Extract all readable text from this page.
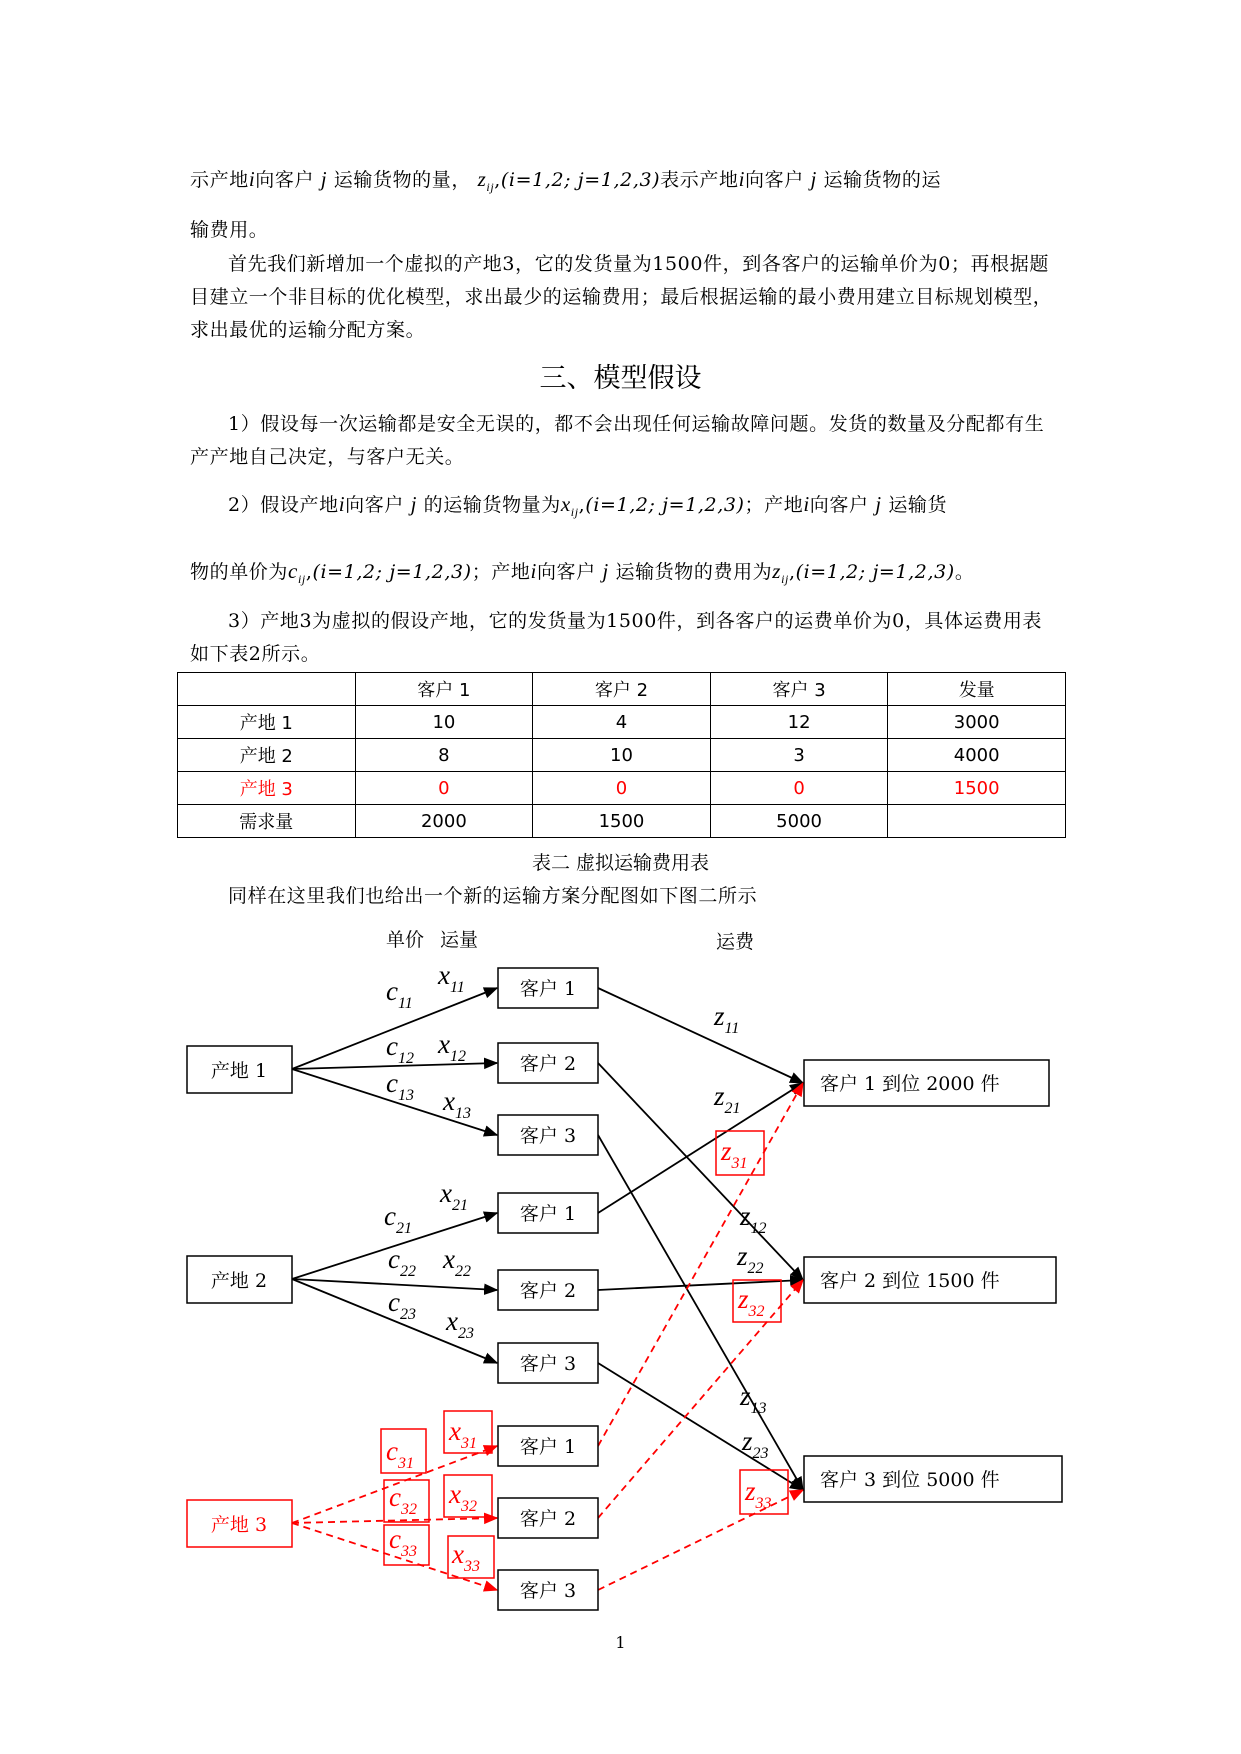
示产地i向客户 j 运输货物的量， $z_{ij},(i=1,2$; j=1,2,3)表示产地i向客户 j 运输货物的运
输费用。
首先我们新增加一个虚拟的产地3，它的发货量为1500件，到各客户的运输单价为0；再根据题目建立一个非目标的优化模型，求出最少的运输费用；最后根据运输的最小费用建立目标规划模型，求出最优的运输分配方案。
三、模型假设
1）假设每一次运输都是安全无误的，都不会出现任何运输故障问题。发货的数量及分配都有生产产地自己决定，与客户无关。
2）假设产地i向客户 j 的运输货物量为$x_{ij},(i=1,2$; j=1,2,3)；产地i向客户 j 运输货
物的单价为$c_{ij},(i=1,2$; j=1,2,3)；产地i向客户 j 运输货物的费用为$z_{ij},(i=1,2$; j=1,2,3)。
3）产地3为虚拟的假设产地，它的发货量为1500件，到各客户的运费单价为0，具体运费用表如下表2所示。
	客户 1	客户 2	客户 3	发量
产地 1	10	4	12	3000
产地 2	8	10	3	4000
产地 3	0	0	0	1500
需求量	2000	1500	5000	
表二 虚拟运输费用表
同样在这里我们也给出一个新的运输方案分配图如下图二所示
单价 运量	运费
产地 1
产地 2
产地 3
客户 1
客户 2
客户 3
客户 1
客户 2
客户 3
客户 1
客户 2
客户 3
客户 1 到位 2000 件
客户 2 到位 1500 件
客户 3 到位 5000 件
$c_{11}$
$x_{11}$
$c_{12}$ $x_{12}$
$c_{13}$ $x_{13}$
$c_{21}$
$x_{21}$
$c_{22}$ $x_{22}$
$c_{23}$ $x_{23}$
$z_{11}$
$z_{21}$
$z_{12}$
$z_{22}$
$z_{13}$
$z_{23}$
$c_{31}$
$c_{32}$
$c_{33}$
$x_{31}$
$x_{32}$
$x_{33}$
$z_{31}$
$z_{32}$
$z_{33}$
1
